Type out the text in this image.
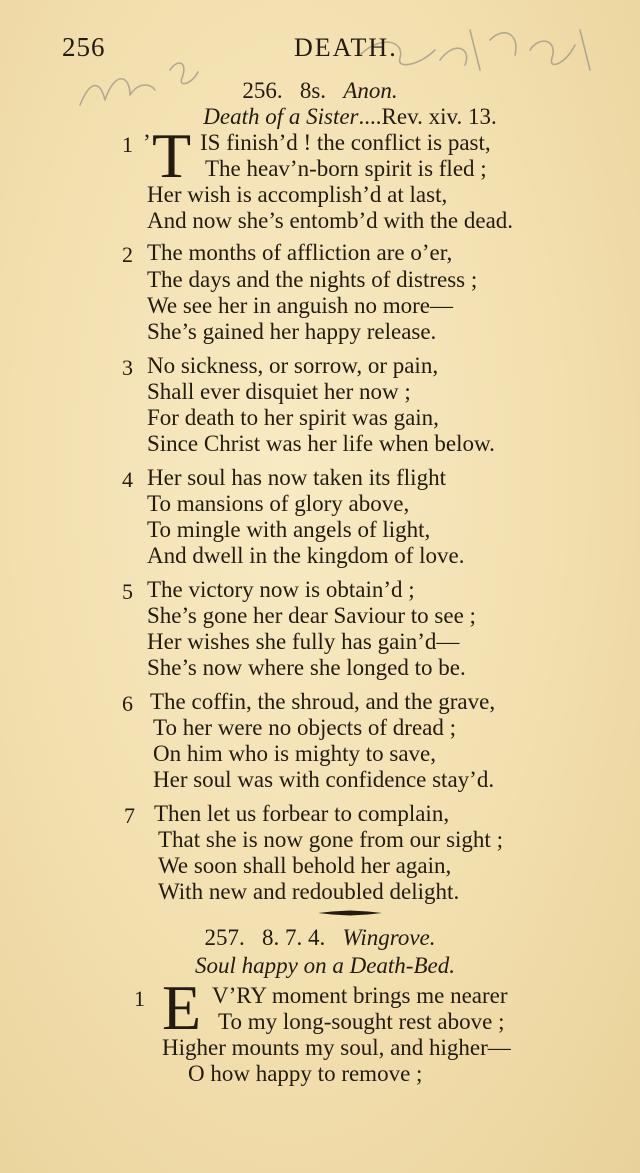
256	DEATH.
256. 8s. Anon.
Death of a Sister....Rev. xiv. 13.
1 ’ T IS finish’d ! the conflict is past,
The heav’n-born spirit is fled ;
Her wish is accomplish’d at last,
And now she’s entomb’d with the dead.
2 The months of affliction are o’er,
The days and the nights of distress ;
We see her in anguish no more—
She’s gained her happy release.
3 No sickness, or sorrow, or pain,
Shall ever disquiet her now ;
For death to her spirit was gain,
Since Christ was her life when below.
4 Her soul has now taken its flight
To mansions of glory above,
To mingle with angels of light,
And dwell in the kingdom of love.
5 The victory now is obtain’d ;
She’s gone her dear Saviour to see ;
Her wishes she fully has gain’d—
She’s now where she longed to be.
6 The coffin, the shroud, and the grave,
To her were no objects of dread ;
On him who is mighty to save,
Her soul was with confidence stay’d.
7 Then let us forbear to complain,
That she is now gone from our sight ;
We soon shall behold her again,
With new and redoubled delight.
257. 8. 7. 4. Wingrove.
Soul happy on a Death-Bed.
1 E V’RY moment brings me nearer
To my long-sought rest above ;
Higher mounts my soul, and higher—
O how happy to remove ;
